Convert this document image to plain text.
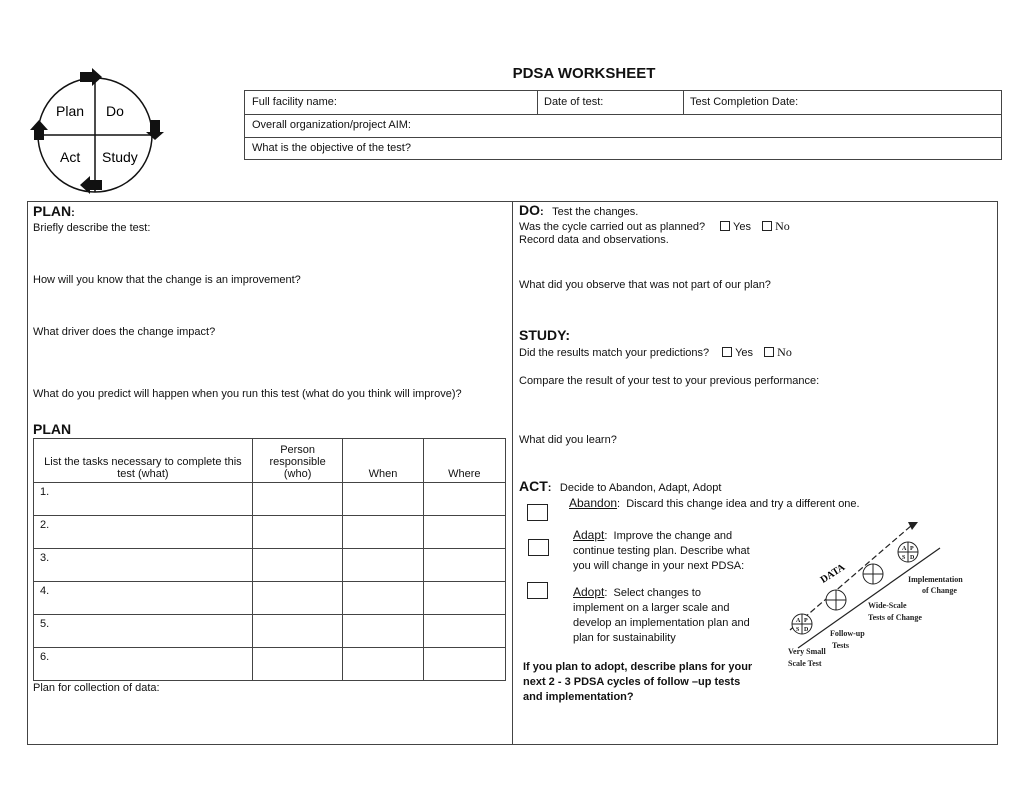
Plan Do
Act Study
PDSA WORKSHEET
Full facility name:	Date of test:	Test Completion Date:
Overall organization/project AIM:
What is the objective of the test?
PLAN:
Briefly describe the test:
How will you know that the change is an improvement?
What driver does the change impact?
What do you predict will happen when you run this test (what do you think will improve)?
PLAN
List the tasks necessary to complete this test (what)	Person responsible (who)	When	Where
1.			
2.			
3.			
4.			
5.			
6.			
Plan for collection of data:
DO: Test the changes.
Was the cycle carried out as planned?	Yes No
Record data and observations.
What did you observe that was not part of our plan?
STUDY:
Did the results match your predictions? Yes No
Compare the result of your test to your previous performance:
What did you learn?
ACT: Decide to Abandon, Adapt, Adopt
Abandon:  Discard this change idea and try a different one.
Adapt:  Improve the change and
continue testing plan. Describe what
you will change in your next PDSA:
Adopt:  Select changes to
implement on a larger scale and
develop an implementation plan and
plan for sustainability
If you plan to adopt, describe plans for your
next 2 - 3 PDSA cycles of follow –up tests
and implementation?
DATA
A P
S D
A P
S D
Implementation
of Change
Wide-Scale
Tests of Change
Follow-up
Tests
Very Small
Scale Test
